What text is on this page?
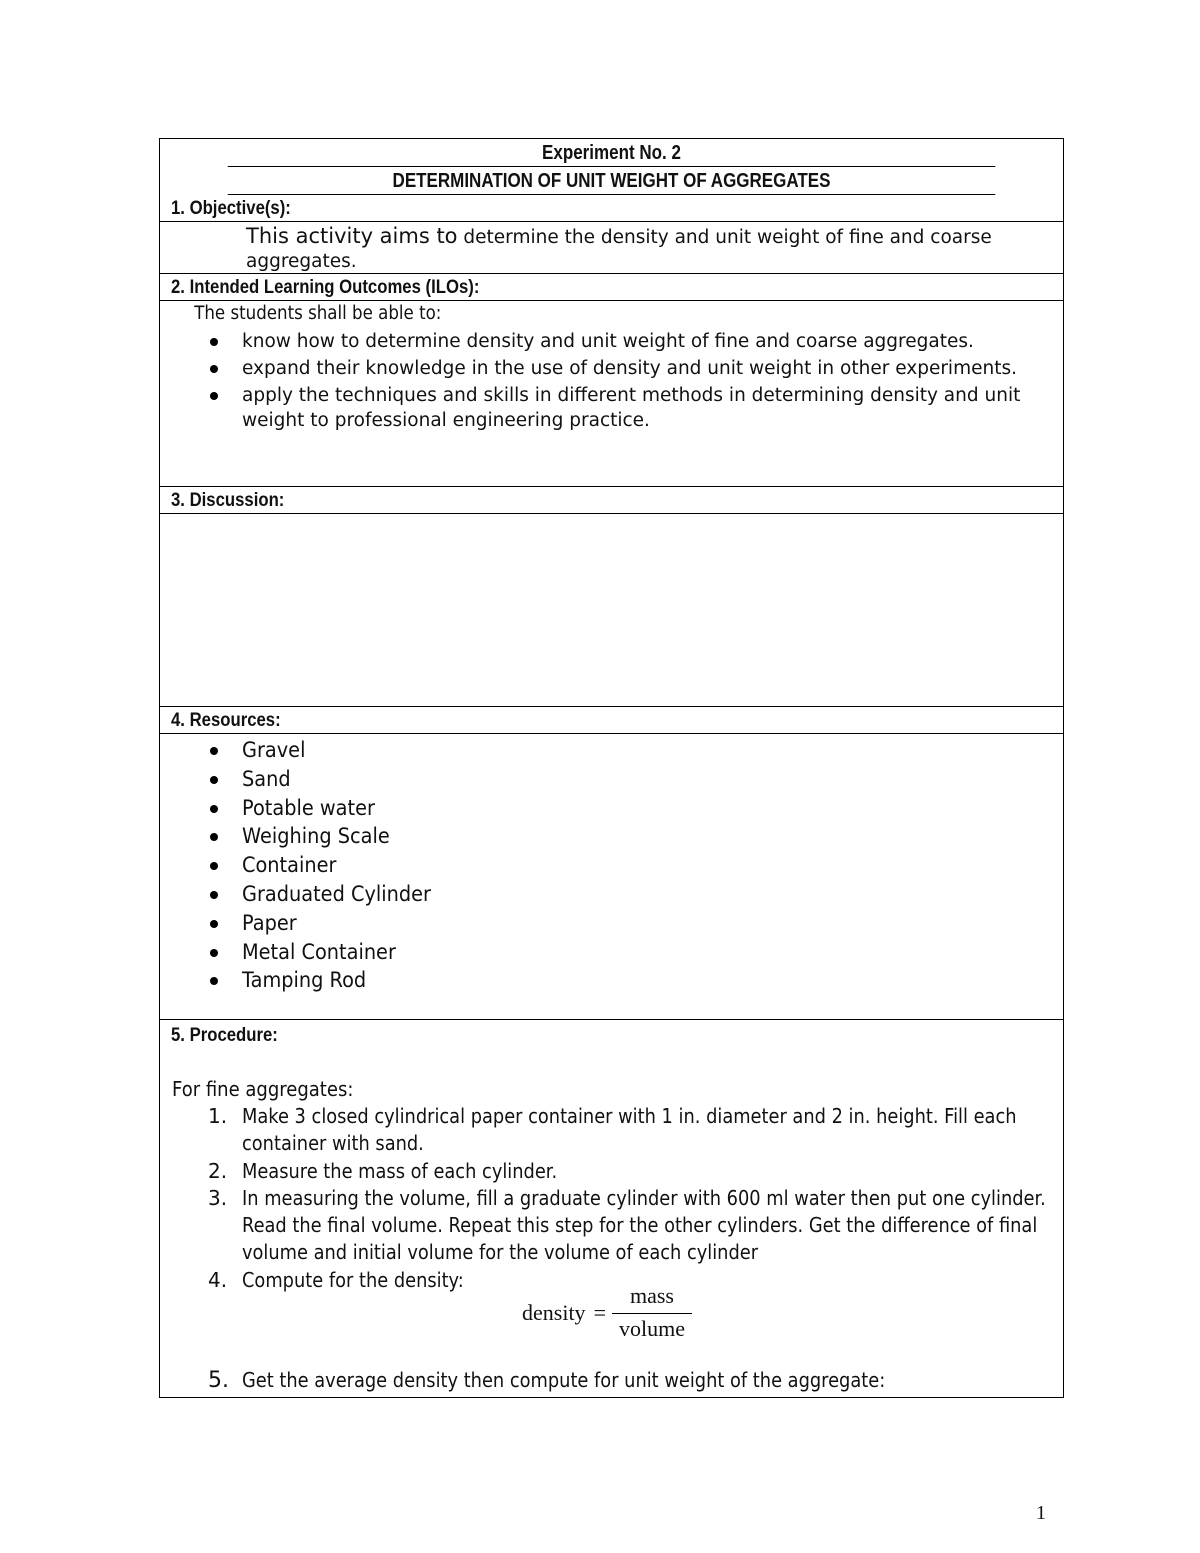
Experiment No. 2
DETERMINATION OF UNIT WEIGHT OF AGGREGATES
1. Objective(s):
This activity aims to determine the density and unit weight of fine and coarse aggregates.
2. Intended Learning Outcomes (ILOs):
The students shall be able to:
know how to determine density and unit weight of fine and coarse aggregates.
expand their knowledge in the use of density and unit weight in other experiments.
apply the techniques and skills in different methods in determining density and unit weight to professional engineering practice.
3. Discussion:
4. Resources:
Gravel
Sand
Potable water
Weighing Scale
Container
Graduated Cylinder
Paper
Metal Container
Tamping Rod
5. Procedure:
For fine aggregates:
1. Make 3 closed cylindrical paper container with 1 in. diameter and 2 in. height. Fill each container with sand.
2. Measure the mass of each cylinder.
3. In measuring the volume, fill a graduate cylinder with 600 ml water then put one cylinder. Read the final volume. Repeat this step for the other cylinders. Get the difference of final volume and initial volume for the volume of each cylinder
4. Compute for the density:
density = $\frac{\text{mass}}{\text{volume}}$
5. Get the average density then compute for unit weight of the aggregate:
1
